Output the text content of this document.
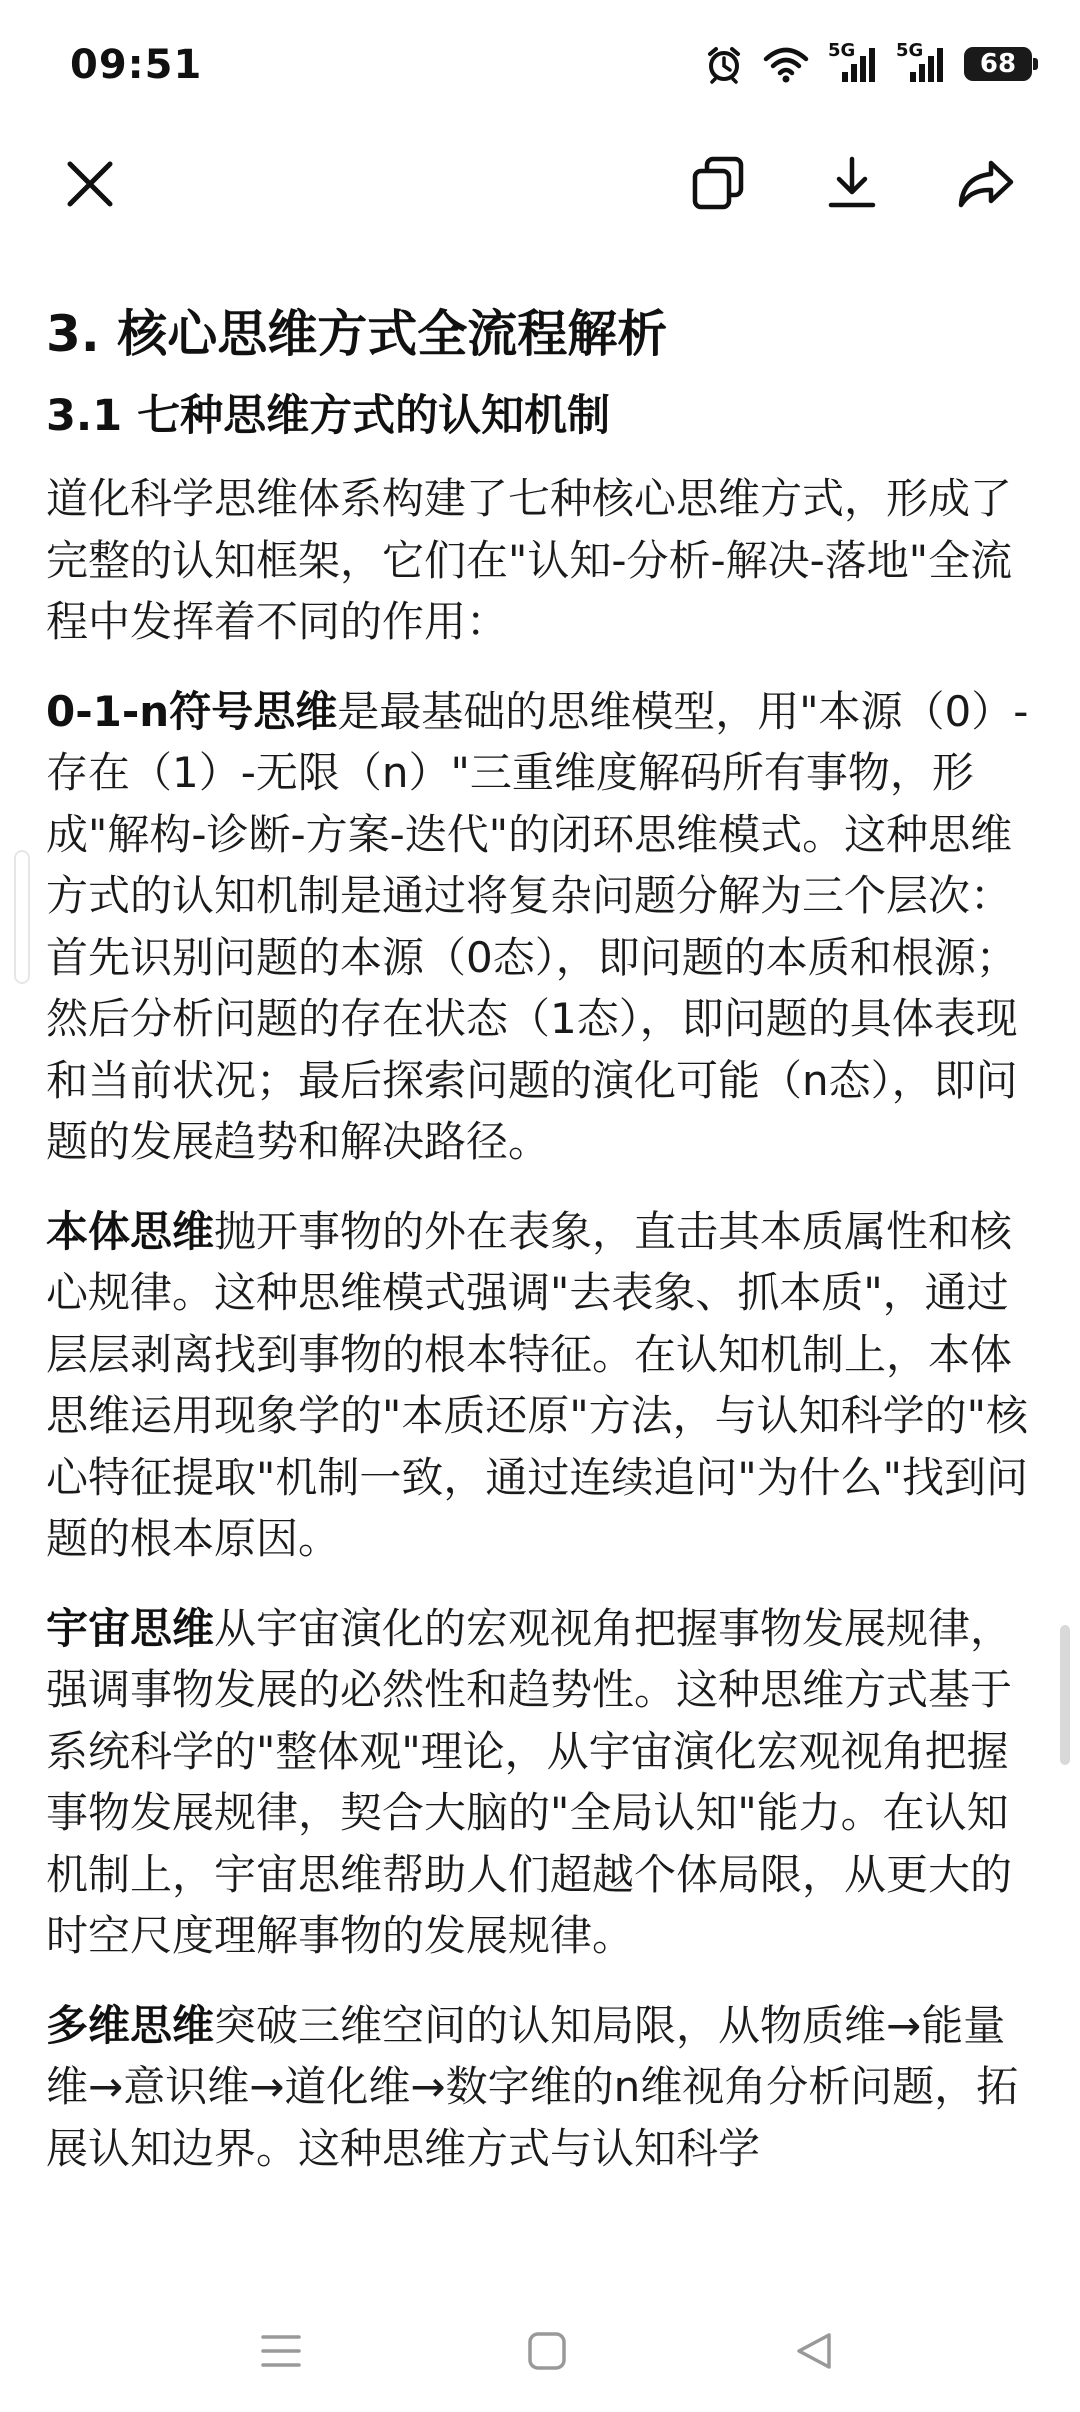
09:51	5G 5G	68
3. 核心思维方式全流程解析
3.1 七种思维方式的认知机制

道化科学思维体系构建了七种核心思维方式，形成了完整的认知框架，它们在"认知-分析-解决-落地"全流程中发挥着不同的作用：

0-1-n符号思维是最基础的思维模型，用"本源（0）-存在（1）-无限（n）"三重维度解码所有事物，形成"解构-诊断-方案-迭代"的闭环思维模式。这种思维方式的认知机制是通过将复杂问题分解为三个层次：首先识别问题的本源（0态），即问题的本质和根源；然后分析问题的存在状态（1态），即问题的具体表现和当前状况；最后探索问题的演化可能（n态），即问题的发展趋势和解决路径。

本体思维抛开事物的外在表象，直击其本质属性和核心规律。这种思维模式强调"去表象、抓本质"，通过层层剥离找到事物的根本特征。在认知机制上，本体思维运用现象学的"本质还原"方法，与认知科学的"核心特征提取"机制一致，通过连续追问"为什么"找到问题的根本原因。

宇宙思维从宇宙演化的宏观视角把握事物发展规律，强调事物发展的必然性和趋势性。这种思维方式基于系统科学的"整体观"理论，从宇宙演化宏观视角把握事物发展规律，契合大脑的"全局认知"能力。在认知机制上，宇宙思维帮助人们超越个体局限，从更大的时空尺度理解事物的发展规律。

多维思维突破三维空间的认知局限，从物质维→能量维→意识维→道化维→数字维的n维视角分析问题，拓展认知边界。这种思维方式与认知科学
